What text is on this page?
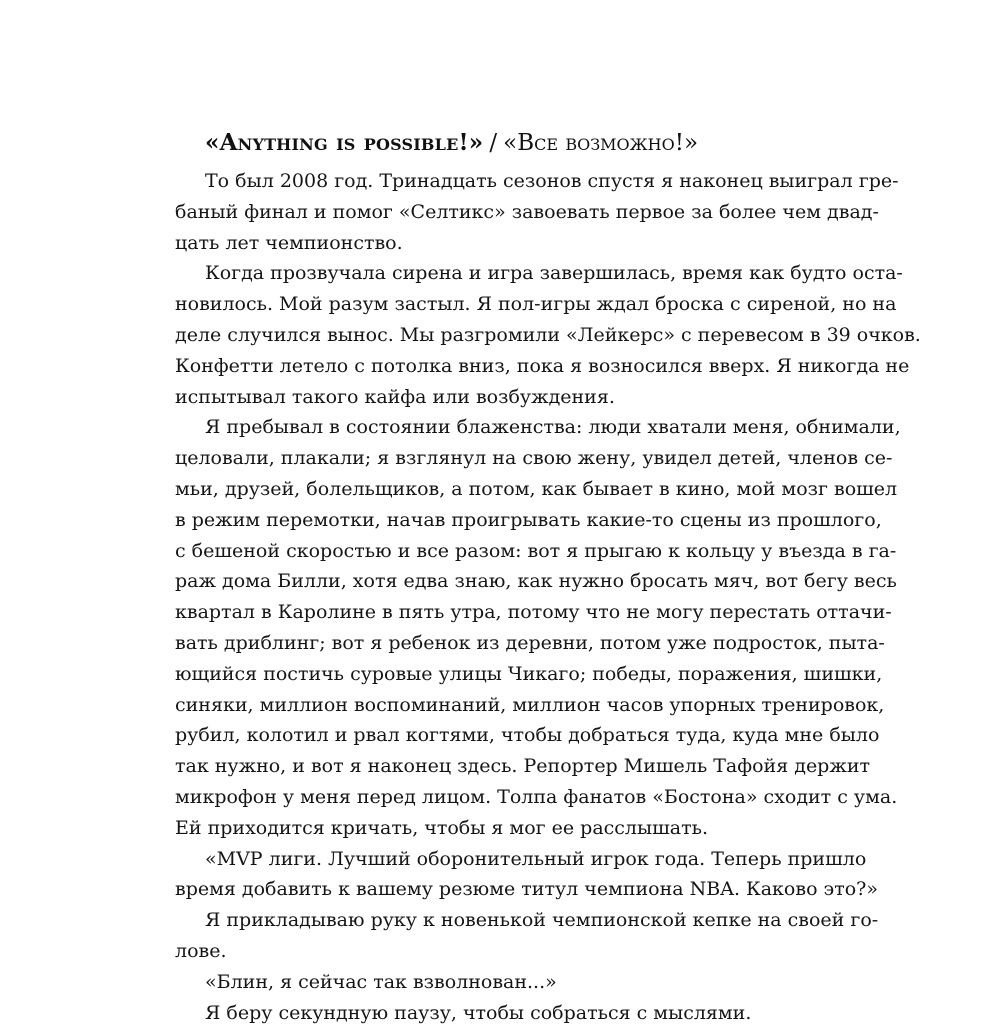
«Anything is possible!» / «Все возможно!»
То был 2008 год. Тринадцать сезонов спустя я наконец выиграл гре-
баный финал и помог «Селтикс» завоевать первое за более чем двад-
цать лет чемпионство.
Когда прозвучала сирена и игра завершилась, время как будто оста-
новилось. Мой разум застыл. Я пол-игры ждал броска с сиреной, но на
деле случился вынос. Мы разгромили «Лейкерс» с перевесом в 39 очков.
Конфетти летело с потолка вниз, пока я возносился вверх. Я никогда не
испытывал такого кайфа или возбуждения.
Я пребывал в состоянии блаженства: люди хватали меня, обнимали,
целовали, плакали; я взглянул на свою жену, увидел детей, членов се-
мьи, друзей, болельщиков, а потом, как бывает в кино, мой мозг вошел
в режим перемотки, начав проигрывать какие-то сцены из прошлого,
с бешеной скоростью и все разом: вот я прыгаю к кольцу у въезда в га-
раж дома Билли, хотя едва знаю, как нужно бросать мяч, вот бегу весь
квартал в Каролине в пять утра, потому что не могу перестать оттачи-
вать дриблинг; вот я ребенок из деревни, потом уже подросток, пыта-
ющийся постичь суровые улицы Чикаго; победы, поражения, шишки,
синяки, миллион воспоминаний, миллион часов упорных тренировок,
рубил, колотил и рвал когтями, чтобы добраться туда, куда мне было
так нужно, и вот я наконец здесь. Репортер Мишель Тафойя держит
микрофон у меня перед лицом. Толпа фанатов «Бостона» сходит с ума.
Ей приходится кричать, чтобы я мог ее расслышать.
«MVP лиги. Лучший оборонительный игрок года. Теперь пришло
время добавить к вашему резюме титул чемпиона NBA. Каково это?»
Я прикладываю руку к новенькой чемпионской кепке на своей го-
лове.
«Блин, я сейчас так взволнован...»
Я беру секундную паузу, чтобы собраться с мыслями.
